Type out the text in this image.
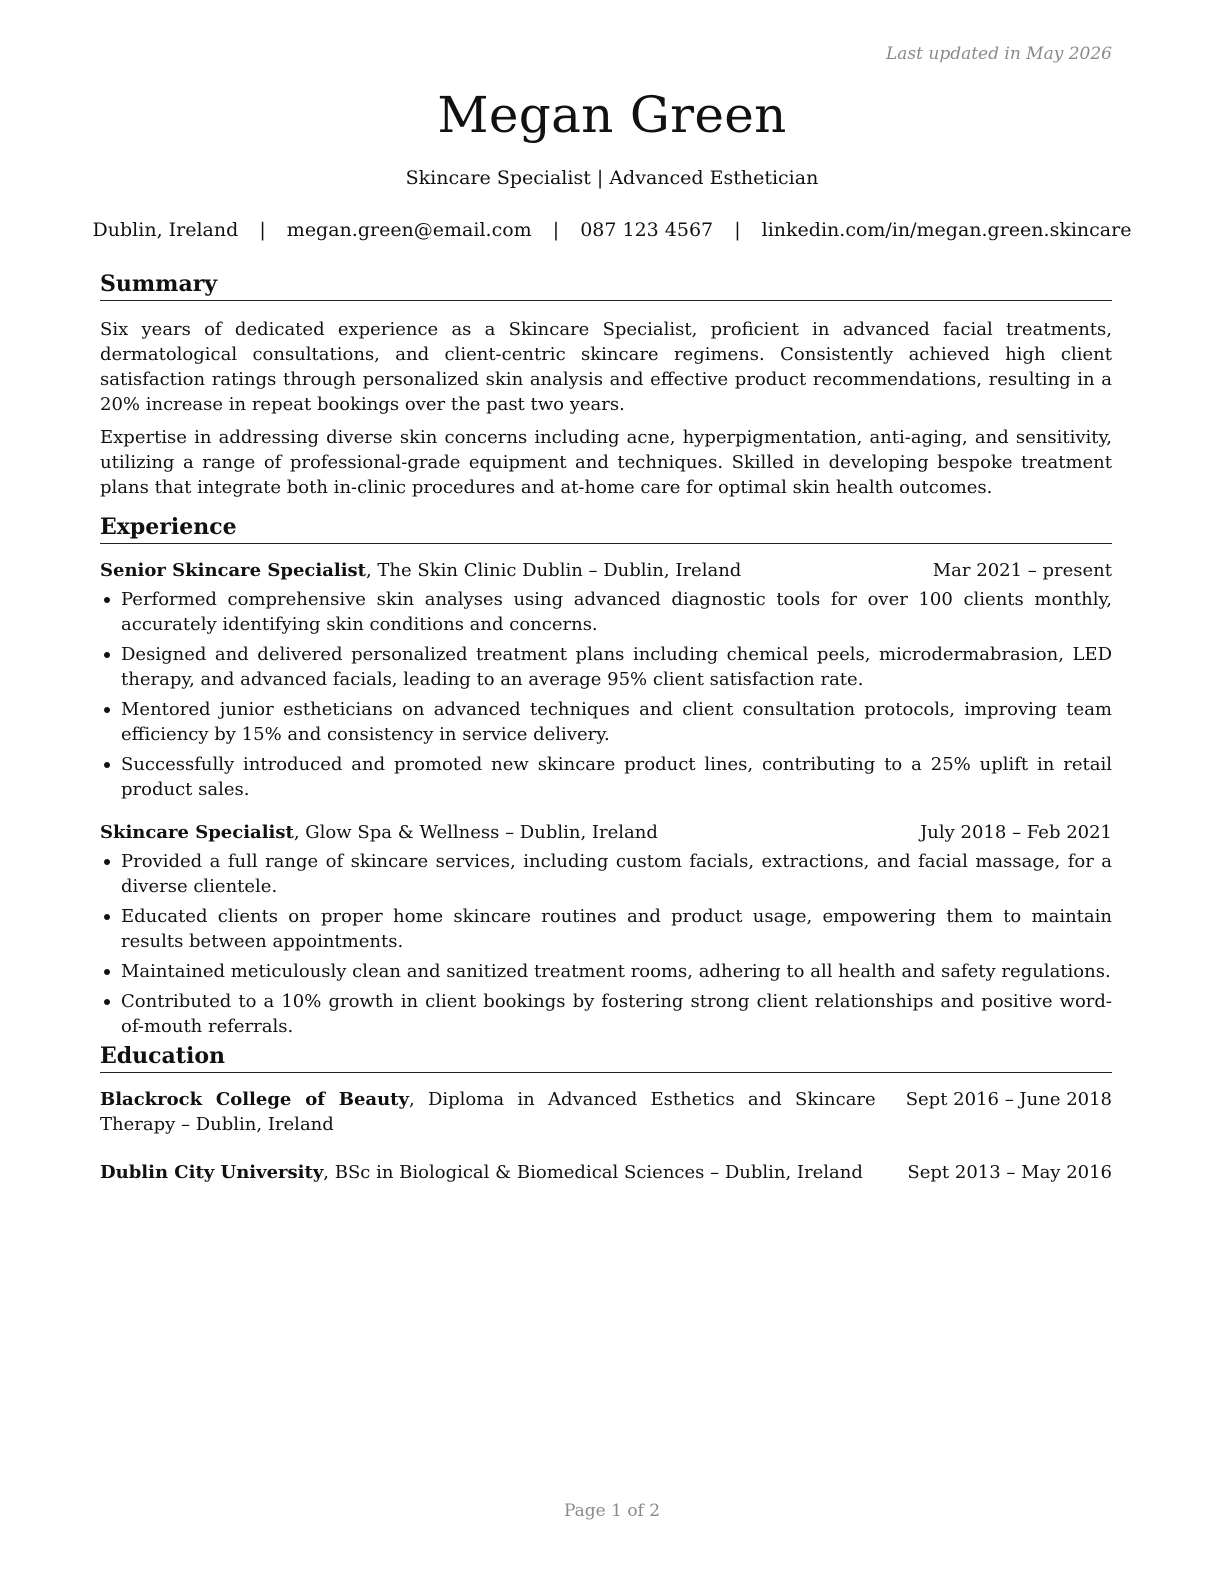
Last updated in May 2026
Megan Green
Skincare Specialist | Advanced Esthetician
Dublin, Ireland | megan.green@email.com | 087 123 4567 | linkedin.com/in/megan.green.skincare
Summary

Six years of dedicated experience as a Skincare Specialist, proficient in advanced facial treatments, dermatological consultations, and client-centric skincare regimens. Consistently achieved high client satisfaction ratings through personalized skin analysis and effective product recommendations, resulting in a 20% increase in repeat bookings over the past two years.

Expertise in addressing diverse skin concerns including acne, hyperpigmentation, anti-aging, and sensitivity, utilizing a range of professional-grade equipment and techniques. Skilled in developing bespoke treatment plans that integrate both in-clinic procedures and at-home care for optimal skin health outcomes.

Experience
Senior Skincare Specialist, The Skin Clinic Dublin – Dublin, Ireland	Mar 2021 – present
Performed comprehensive skin analyses using advanced diagnostic tools for over 100 clients monthly, accurately identifying skin conditions and concerns.
Designed and delivered personalized treatment plans including chemical peels, microdermabrasion, LED therapy, and advanced facials, leading to an average 95% client satisfaction rate.
Mentored junior estheticians on advanced techniques and client consultation protocols, improving team efficiency by 15% and consistency in service delivery.
Successfully introduced and promoted new skincare product lines, contributing to a 25% uplift in retail product sales.
Skincare Specialist, Glow Spa & Wellness – Dublin, Ireland	July 2018 – Feb 2021
Provided a full range of skincare services, including custom facials, extractions, and facial massage, for a diverse clientele.
Educated clients on proper home skincare routines and product usage, empowering them to maintain results between appointments.
Maintained meticulously clean and sanitized treatment rooms, adhering to all health and safety regulations.
Contributed to a 10% growth in client bookings by fostering strong client relationships and positive word-of-mouth referrals.
Education
Blackrock College of Beauty, Diploma in Advanced Esthetics and Skincare Therapy – Dublin, Ireland
Sept 2016 – June 2018
Dublin City University, BSc in Biological & Biomedical Sciences – Dublin, Ireland	Sept 2013 – May 2016
Page 1 of 2
